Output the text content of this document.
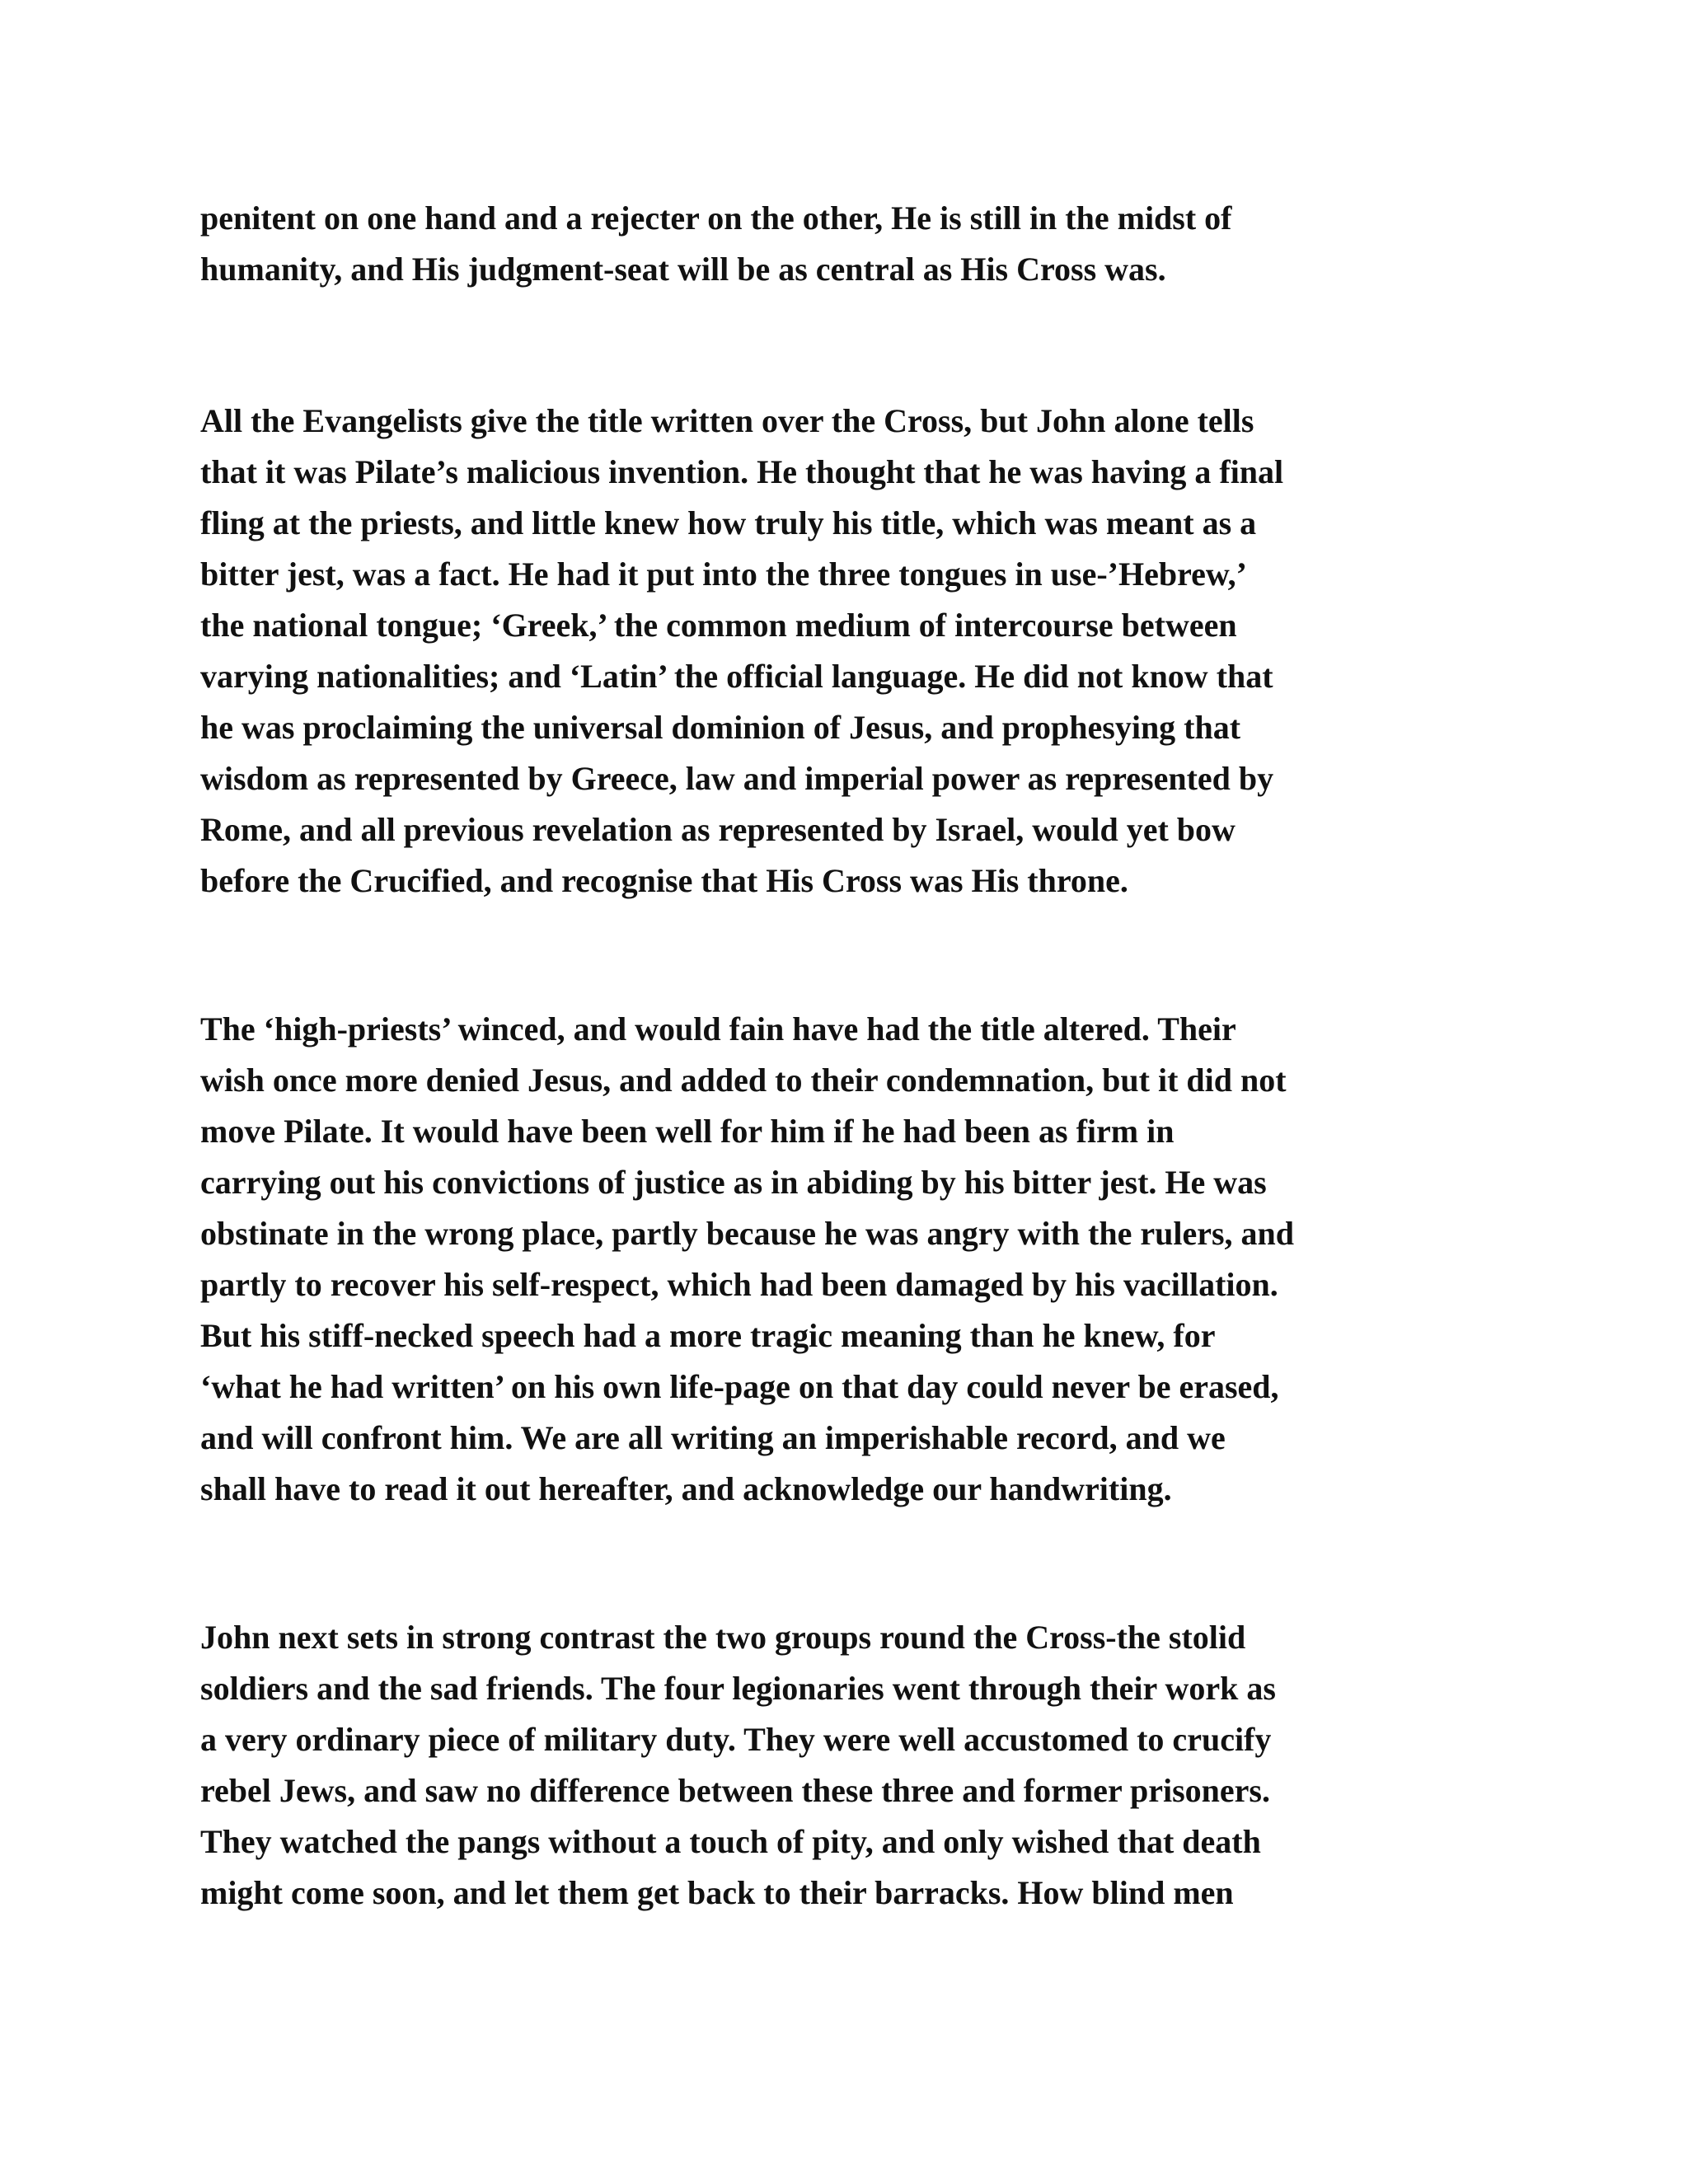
penitent on one hand and a rejecter on the other, He is still in the midst of
humanity, and His judgment-seat will be as central as His Cross was.
All the Evangelists give the title written over the Cross, but John alone tells
that it was Pilate’s malicious invention. He thought that he was having a final
fling at the priests, and little knew how truly his title, which was meant as a
bitter jest, was a fact. He had it put into the three tongues in use-’Hebrew,’
the national tongue; ‘Greek,’ the common medium of intercourse between
varying nationalities; and ‘Latin’ the official language. He did not know that
he was proclaiming the universal dominion of Jesus, and prophesying that
wisdom as represented by Greece, law and imperial power as represented by
Rome, and all previous revelation as represented by Israel, would yet bow
before the Crucified, and recognise that His Cross was His throne.
The ‘high-priests’ winced, and would fain have had the title altered. Their
wish once more denied Jesus, and added to their condemnation, but it did not
move Pilate. It would have been well for him if he had been as firm in
carrying out his convictions of justice as in abiding by his bitter jest. He was
obstinate in the wrong place, partly because he was angry with the rulers, and
partly to recover his self-respect, which had been damaged by his vacillation.
But his stiff-necked speech had a more tragic meaning than he knew, for
‘what he had written’ on his own life-page on that day could never be erased,
and will confront him. We are all writing an imperishable record, and we
shall have to read it out hereafter, and acknowledge our handwriting.
John next sets in strong contrast the two groups round the Cross-the stolid
soldiers and the sad friends. The four legionaries went through their work as
a very ordinary piece of military duty. They were well accustomed to crucify
rebel Jews, and saw no difference between these three and former prisoners.
They watched the pangs without a touch of pity, and only wished that death
might come soon, and let them get back to their barracks. How blind men
